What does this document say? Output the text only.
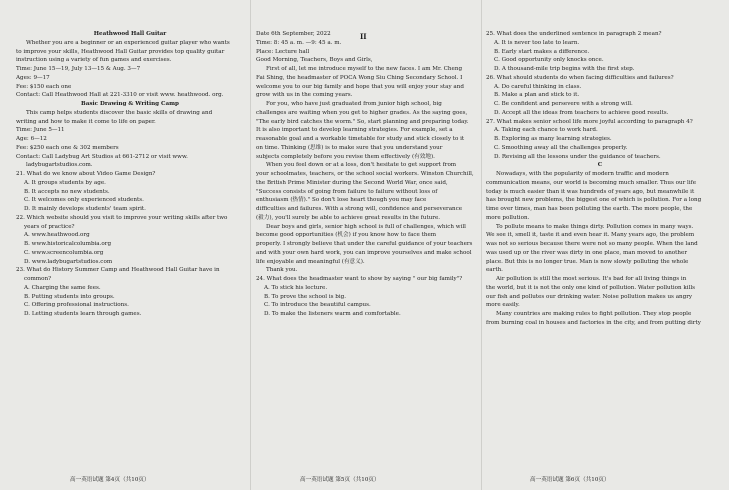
II

Heathwood Hall Guitar

Whether you are a beginner or an experienced guitar player who wants

to improve your skills, Heathwood Hall Guitar provides top quality guitar

instruction using a variety of fun games and exercises.

Time: June 15—19, July 13—15 & Aug. 3—7

Ages: 9—17

Fee: $150 each one

Contact: Call Heathwood Hall at 221-3310 or visit www. heathwood. org.

Basic Drawing & Writing Camp

This camp helps students discover the basic skills of drawing and

writing and how to make it come to life on paper.

Time: June 5—11

Age: 6—12

Fee: $250 each one & 302 members

Contact: Call Ladybug Art Studios at 661-2712 or visit www.

ladybugartstudios.com.

21. What do we know about Video Game Design?

A. It groups students by age.

B. It accepts no new students.

C. It welcomes only experienced students.

D. It mainly develops students' team spirit.

22. Which website should you visit to improve your writing skills after two

years of practice?

A. www.heathwood.org

B. www.historicalcolumbia.org

C. www.screencolumbia.org

D. www.ladybugartstudios.com

23. What do History Summer Camp and Heathwood Hall Guitar have in

common?

A. Charging the same fees.

B. Putting students into groups.

C. Offering professional instructions.

D. Letting students learn through games.

Date 6th September, 2022

Time: 8: 45 a. m. —9: 45 a. m.

Place: Lecture hall

Good Morning, Teachers, Boys and Girls,

First of all, let me introduce myself to the new faces. I am Mr. Cheng

Fai Shing, the headmaster of POCA Wong Siu Ching Secondary School. I

welcome you to our big family and hope that you will enjoy your stay and

grow with us in the coming years.

For you, who have just graduated from junior high school, big

challenges are waiting when you get to higher grades. As the saying goes,

"The early bird catches the worm." So, start planning and preparing today.

It is also important to develop learning strategies. For example, set a

reasonable goal and a workable timetable for study and stick closely to it

on time. Thinking (思维) is to make sure that you understand your

subjects completely before you revise them effectively (有效地).

When you feel down or at a loss, don't hesitate to get support from

your schoolmates, teachers, or the school social workers. Winston Churchill,

the British Prime Minister during the Second World War, once said,

"Success consists of going from failure to failure without loss of

enthusiasm (热情)." So don't lose heart though you may face

difficulties and failures. With a strong will, confidence and perseverance

(毅力), you'll surely be able to achieve great results in the future.

Dear boys and girls, senior high school is full of challenges, which will

become good opportunities (机会) if you know how to face them

properly. I strongly believe that under the careful guidance of your teachers

and with your own hard work, you can improve yourselves and make school

life enjoyable and meaningful (有意义).

Thank you.

24. What does the headmaster want to show by saying " our big family"?

A. To stick his lecture.

B. To prove the school is big.

C. To introduce the beautiful campus.

D. To make the listeners warm and comfortable.

25. What does the underlined sentence in paragraph 2 mean?

A. It is never too late to learn.

B. Early start makes a difference.

C. Good opportunity only knocks once.

D. A thousand-mile trip begins with the first step.

26. What should students do when facing difficulties and failures?

A. Do careful thinking in class.

B. Make a plan and stick to it.

C. Be confident and persevere with a strong will.

D. Accept all the ideas from teachers to achieve good results.

27. What makes senior school life more joyful according to paragraph 4?

A. Taking each chance to work hard.

B. Exploring as many learning strategies.

C. Smoothing away all the challenges properly.

D. Revising all the lessons under the guidance of teachers.

C

Nowadays, with the popularity of modern traffic and modern

communication means, our world is becoming much smaller. Thus our life

today is much easier than it was hundreds of years ago, but meanwhile it

has brought new problems, the biggest one of which is pollution. For a long

time over times, man has been polluting the earth. The more people, the

more pollution.

To pollute means to make things dirty. Pollution comes in many ways.

We see it, smell it, taste it and even hear it. Many years ago, the problem

was not so serious because there were not so many people. When the land

was used up or the river was dirty in one place, man moved to another

place. But this is no longer true. Man is now slowly polluting the whole

earth.

Air pollution is still the most serious. It's bad for all living things in

the world, but it is not the only one kind of pollution. Water pollution kills

our fish and pollutes our drinking water. Noise pollution makes us angry

more easily.

Many countries are making rules to fight pollution. They stop people

from burning coal in houses and factories in the city, and from putting dirty

高一英语试题 第4页（共10页）	高一英语试题 第5页（共10页）	高一英语试题 第6页（共10页）
